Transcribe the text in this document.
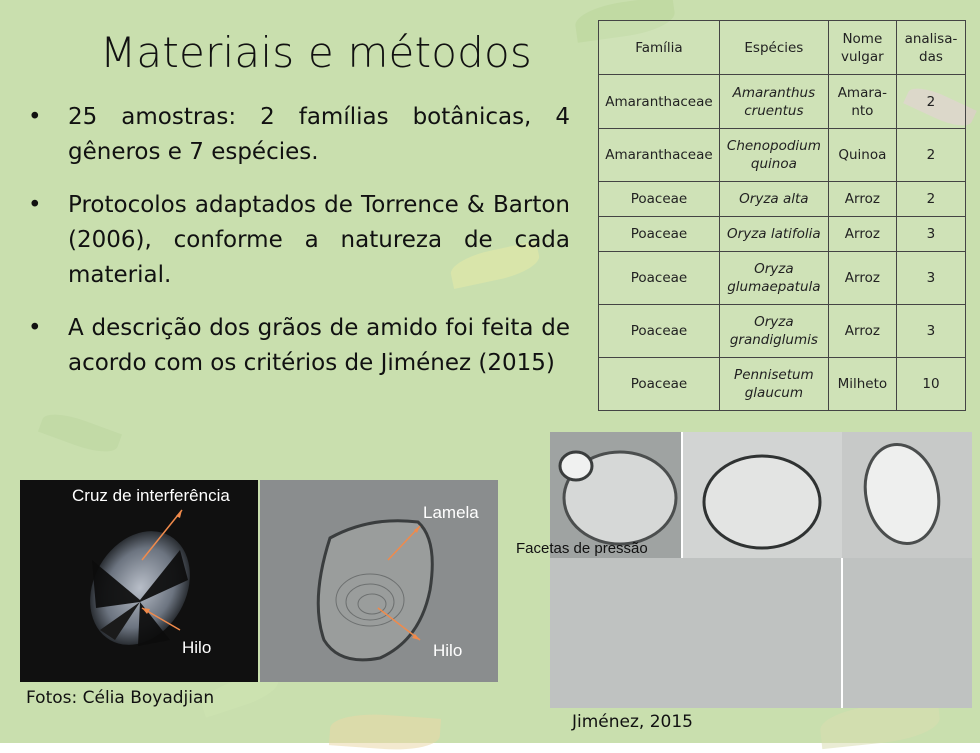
Materiais e métodos
• 25 amostras: 2 famílias botânicas, 4 gêneros e 7 espécies.
• Protocolos adaptados de Torrence & Barton (2006), conforme a natureza de cada material.
• A descrição dos grãos de amido foi feita de acordo com os critérios de Jiménez (2015)
Família	Espécies	Nome vulgar	analisa-das
Amaranthaceae	Amaranthus cruentus	Amara-nto	2
Amaranthaceae	Chenopodium quinoa	Quinoa	2
Poaceae	Oryza alta	Arroz	2
Poaceae	Oryza latifolia	Arroz	3
Poaceae	Oryza glumaepatula	Arroz	3
Poaceae	Oryza grandiglumis	Arroz	3
Poaceae	Pennisetum glaucum	Milheto	10
Cruz de interferência
Hilo
Lamela
Hilo
Facetas de pressão
Fotos: Célia Boyadjian
Jiménez, 2015
